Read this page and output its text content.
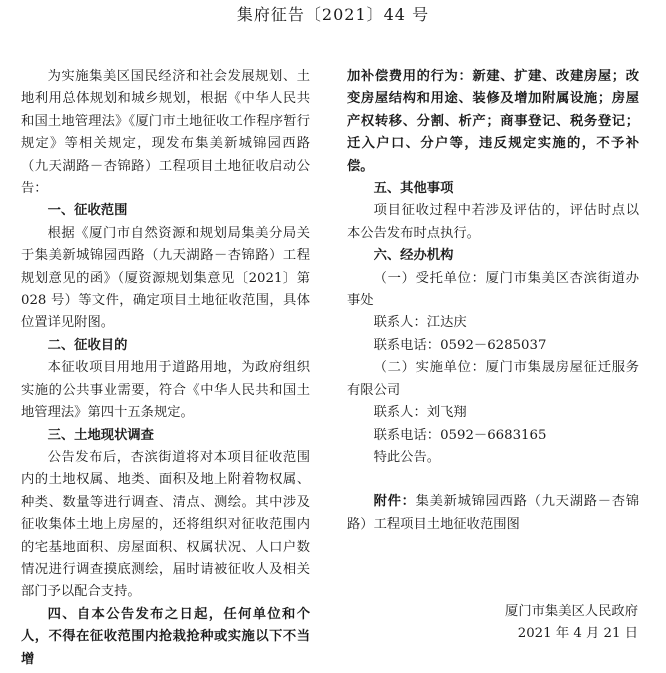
集府征告〔2021〕44 号

为实施集美区国民经济和社会发展规划、土地利用总体规划和城乡规划，根据《中华人民共和国土地管理法》《厦门市土地征收工作程序暂行规定》等相关规定，现发布集美新城锦园西路（九天湖路－杏锦路）工程项目土地征收启动公告：

一、征收范围

根据《厦门市自然资源和规划局集美分局关于集美新城锦园西路（九天湖路－杏锦路）工程规划意见的函》（厦资源规划集意见〔2021〕第 028 号）等文件，确定项目土地征收范围，具体位置详见附图。

二、征收目的

本征收项目用地用于道路用地，为政府组织实施的公共事业需要，符合《中华人民共和国土地管理法》第四十五条规定。

三、土地现状调查

公告发布后，杏滨街道将对本项目征收范围内的土地权属、地类、面积及地上附着物权属、种类、数量等进行调查、清点、测绘。其中涉及征收集体土地上房屋的，还将组织对征收范围内的宅基地面积、房屋面积、权属状况、人口户数情况进行调查摸底测绘，届时请被征收人及相关部门予以配合支持。

四、自本公告发布之日起，任何单位和个人，不得在征收范围内抢栽抢种或实施以下不当增

加补偿费用的行为：新建、扩建、改建房屋；改变房屋结构和用途、装修及增加附属设施；房屋产权转移、分割、析产；商事登记、税务登记；迁入户口、分户等，违反规定实施的，不予补偿。

五、其他事项

项目征收过程中若涉及评估的，评估时点以本公告发布时点执行。

六、经办机构

（一）受托单位：厦门市集美区杏滨街道办事处

联系人：江达庆

联系电话：0592－6285037

（二）实施单位：厦门市集晟房屋征迁服务有限公司

联系人：刘飞翔

联系电话：0592－6683165

特此公告。

附件：集美新城锦园西路（九天湖路－杏锦路）工程项目土地征收范围图

厦门市集美区人民政府

2021 年 4 月 21 日
